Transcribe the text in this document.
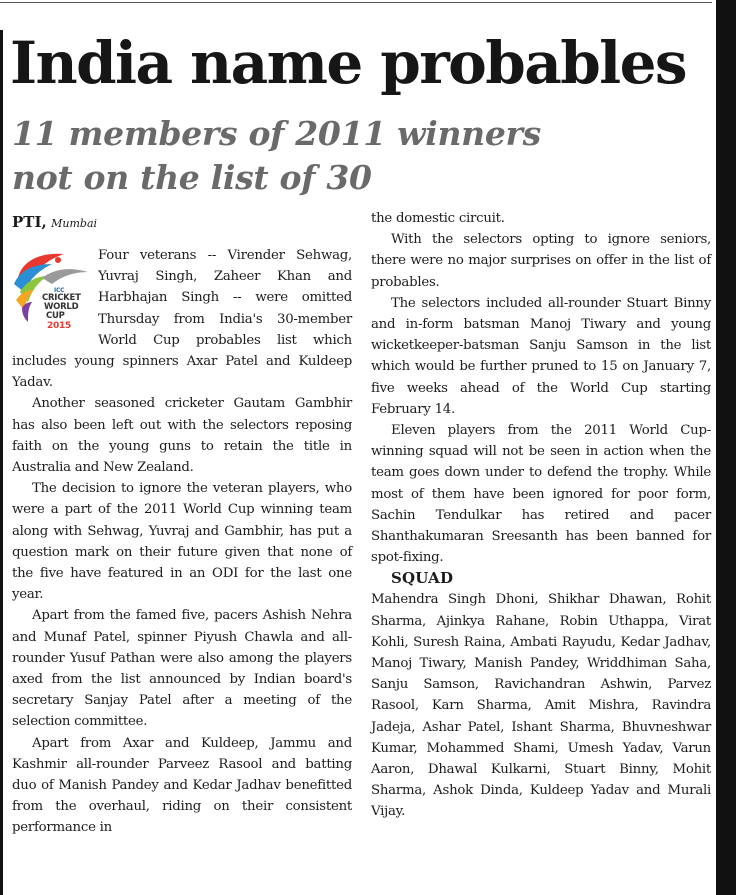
India name probables
11 members of 2011 winners
not on the list of 30
PTI, Mumbai
ICC
CRICKET
WORLD
CUP
2015

Four veterans -- Virender Sehwag, Yuvraj Singh, Zaheer Khan and Harbhajan Singh -- were omitted Thursday from India's 30-member World Cup probables list which includes young spinners Axar Patel and Kuldeep Yadav.

Another seasoned cricketer Gautam Gambhir has also been left out with the selectors reposing faith on the young guns to retain the title in Australia and New Zealand.

The decision to ignore the veteran players, who were a part of the 2011 World Cup winning team along with Sehwag, Yuvraj and Gambhir, has put a question mark on their future given that none of the five have featured in an ODI for the last one year.

Apart from the famed five, pacers Ashish Nehra and Munaf Patel, spinner Piyush Chawla and all-rounder Yusuf Pathan were also among the players axed from the list announced by Indian board's secretary Sanjay Patel after a meeting of the selection committee.

Apart from Axar and Kuldeep, Jammu and Kashmir all-rounder Parveez Rasool and batting duo of Manish Pandey and Kedar Jadhav benefitted from the overhaul, riding on their consistent performance in

the domestic circuit.

With the selectors opting to ignore seniors, there were no major surprises on offer in the list of probables.

The selectors included all-rounder Stuart Binny and in-form batsman Manoj Tiwary and young wicketkeeper-batsman Sanju Samson in the list which would be further pruned to 15 on January 7, five weeks ahead of the World Cup starting February 14.

Eleven players from the 2011 World Cup-winning squad will not be seen in action when the team goes down under to defend the trophy. While most of them have been ignored for poor form, Sachin Tendulkar has retired and pacer Shanthakumaran Sreesanth has been banned for spot-fixing.

SQUAD

Mahendra Singh Dhoni, Shikhar Dhawan, Rohit Sharma, Ajinkya Rahane, Robin Uthappa, Virat Kohli, Suresh Raina, Ambati Rayudu, Kedar Jadhav, Manoj Tiwary, Manish Pandey, Wriddhiman Saha, Sanju Samson, Ravichandran Ashwin, Parvez Rasool, Karn Sharma, Amit Mishra, Ravindra Jadeja, Ashar Patel, Ishant Sharma, Bhuvneshwar Kumar, Mohammed Shami, Umesh Yadav, Varun Aaron, Dhawal Kulkarni, Stuart Binny, Mohit Sharma, Ashok Dinda, Kuldeep Yadav and Murali Vijay.
